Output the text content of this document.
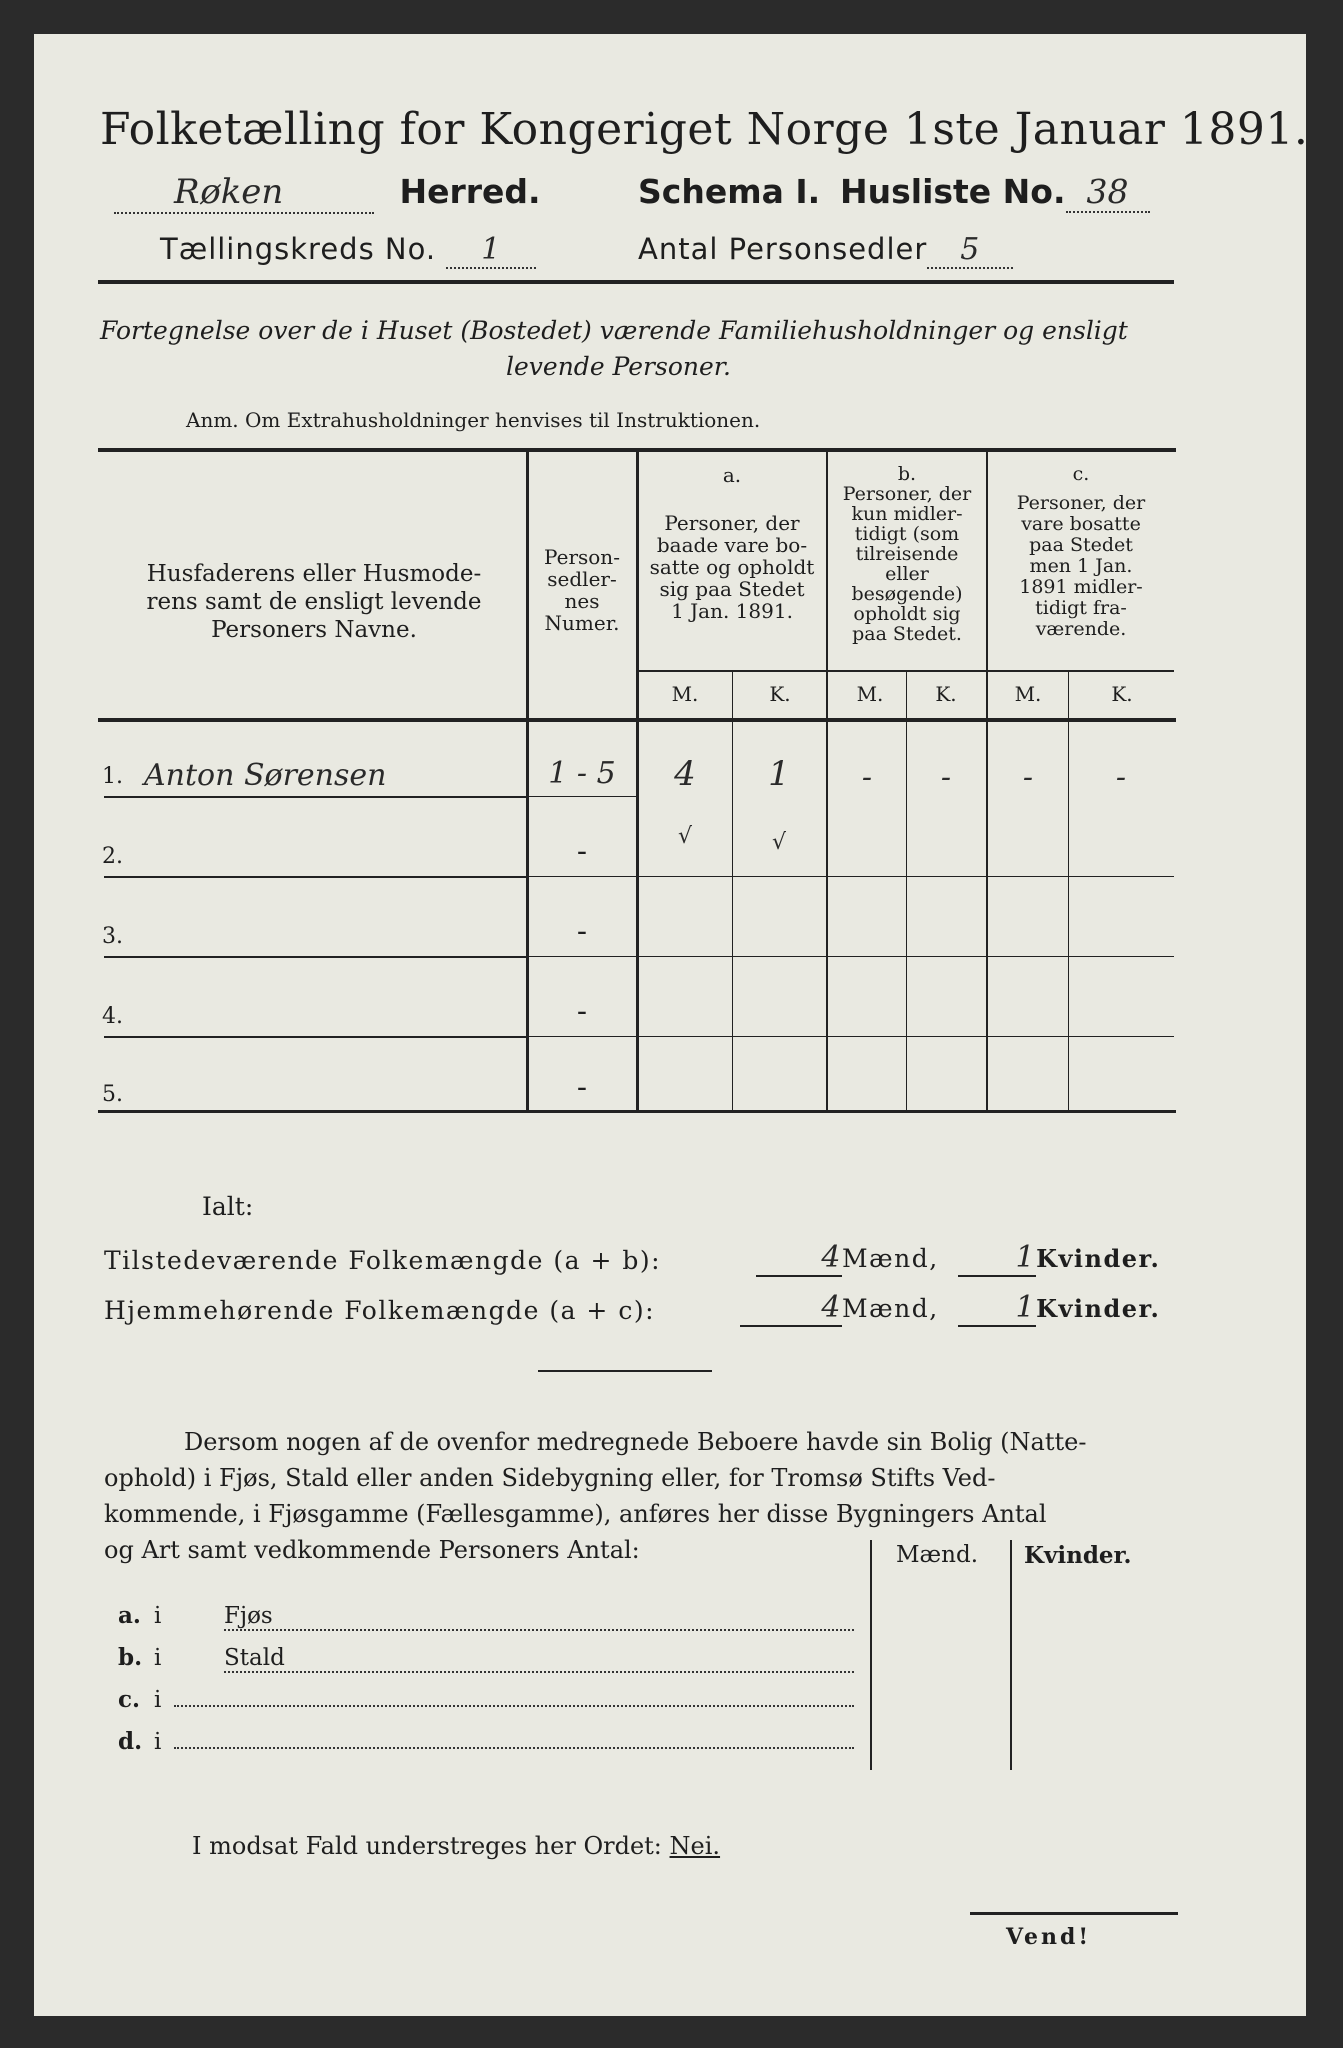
Folketælling for Kongeriget Norge 1ste Januar 1891.
Røken	Herred.	Schema I. Husliste No. 38
Tællingskreds No. 1	Antal Personsedler 5
Fortegnelse over de i Huset (Bostedet) værende Familiehusholdninger og ensligt
levende Personer.
Anm. Om Extrahusholdninger henvises til Instruktionen.
Husfaderens eller Husmode-
rens samt de ensligt levende
Personers Navne.
Person-
sedler-
nes
Numer.
a.
Personer, der
baade vare bo-
satte og opholdt
sig paa Stedet
1 Jan. 1891.
b.
Personer, der
kun midler-
tidigt (som
tilreisende
eller
besøgende)
opholdt sig
paa Stedet.
c.
Personer, der
vare bosatte
paa Stedet
men 1 Jan.
1891 midler-
tidigt fra-
værende.
M.	K.	M.	K.	M.	K.
1. Anton Sørensen	1 - 5	4	1	-	-	-	-
2.	-	√	√
3.	-
4.	-
5.	-
Ialt:
Tilstedeværende Folkemængde (a + b):	4Mænd,	1Kvinder.
Hjemmehørende Folkemængde (a + c):	4Mænd,	1Kvinder.
Dersom nogen af de ovenfor medregnede Beboere havde sin Bolig (Natte-
ophold) i Fjøs, Stald eller anden Sidebygning eller, for Tromsø Stifts Ved-
kommende, i Fjøsgamme (Fællesgamme), anføres her disse Bygningers Antal
og Art samt vedkommende Personers Antal:	Mænd. Kvinder.
a. i	Fjøs
b. i	Stald
c. i
d. i
I modsat Fald understreges her Ordet: Nei.
Vend!
